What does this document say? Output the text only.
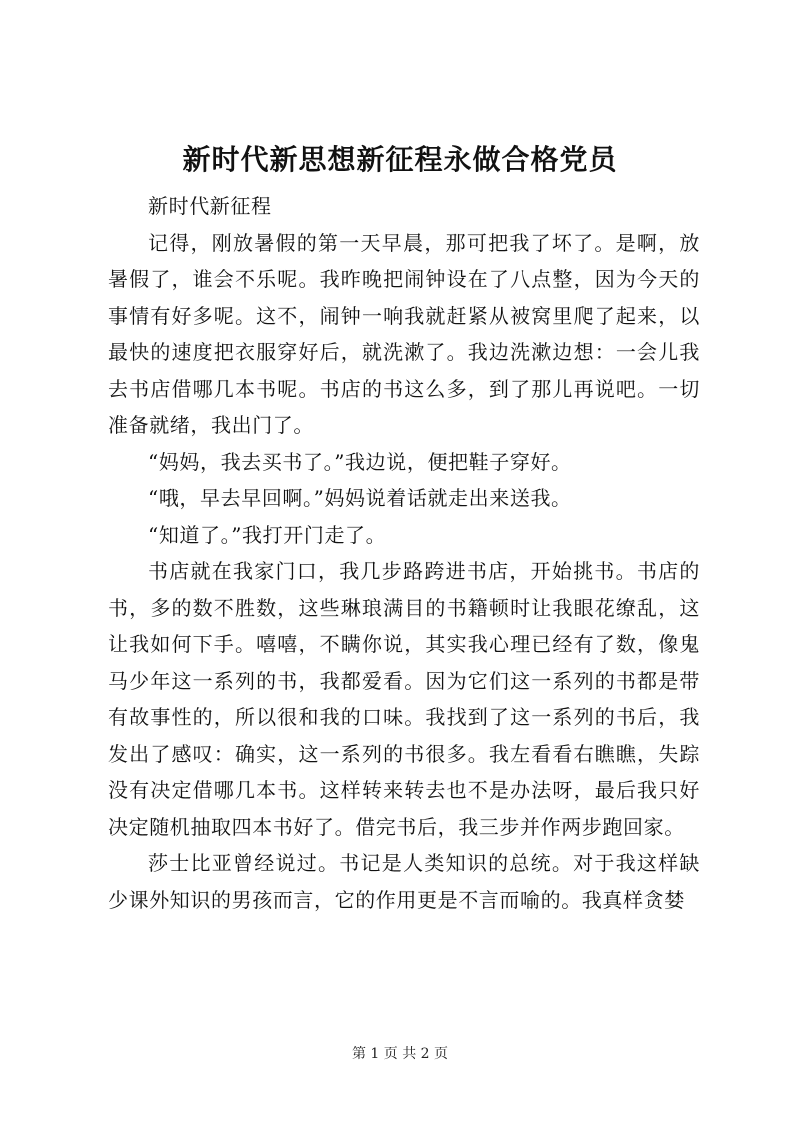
新时代新思想新征程永做合格党员

新时代新征程

记得，刚放暑假的第一天早晨，那可把我了坏了。是啊，放暑假了，谁会不乐呢。我昨晚把闹钟设在了八点整，因为今天的事情有好多呢。这不，闹钟一响我就赶紧从被窝里爬了起来，以最快的速度把衣服穿好后，就洗漱了。我边洗漱边想：一会儿我去书店借哪几本书呢。书店的书这么多，到了那儿再说吧。一切准备就绪，我出门了。

“妈妈，我去买书了。”我边说，便把鞋子穿好。

“哦，早去早回啊。”妈妈说着话就走出来送我。

“知道了。”我打开门走了。

书店就在我家门口，我几步路跨进书店，开始挑书。书店的书，多的数不胜数，这些琳琅满目的书籍顿时让我眼花缭乱，这让我如何下手。嘻嘻，不瞒你说，其实我心理已经有了数，像鬼马少年这一系列的书，我都爱看。因为它们这一系列的书都是带有故事性的，所以很和我的口味。我找到了这一系列的书后，我发出了感叹：确实，这一系列的书很多。我左看看右瞧瞧，失踪没有决定借哪几本书。这样转来转去也不是办法呀，最后我只好决定随机抽取四本书好了。借完书后，我三步并作两步跑回家。

莎士比亚曾经说过。书记是人类知识的总统。对于我这样缺少课外知识的男孩而言，它的作用更是不言而喻的。我真样贪婪

第 1 页 共 2 页
